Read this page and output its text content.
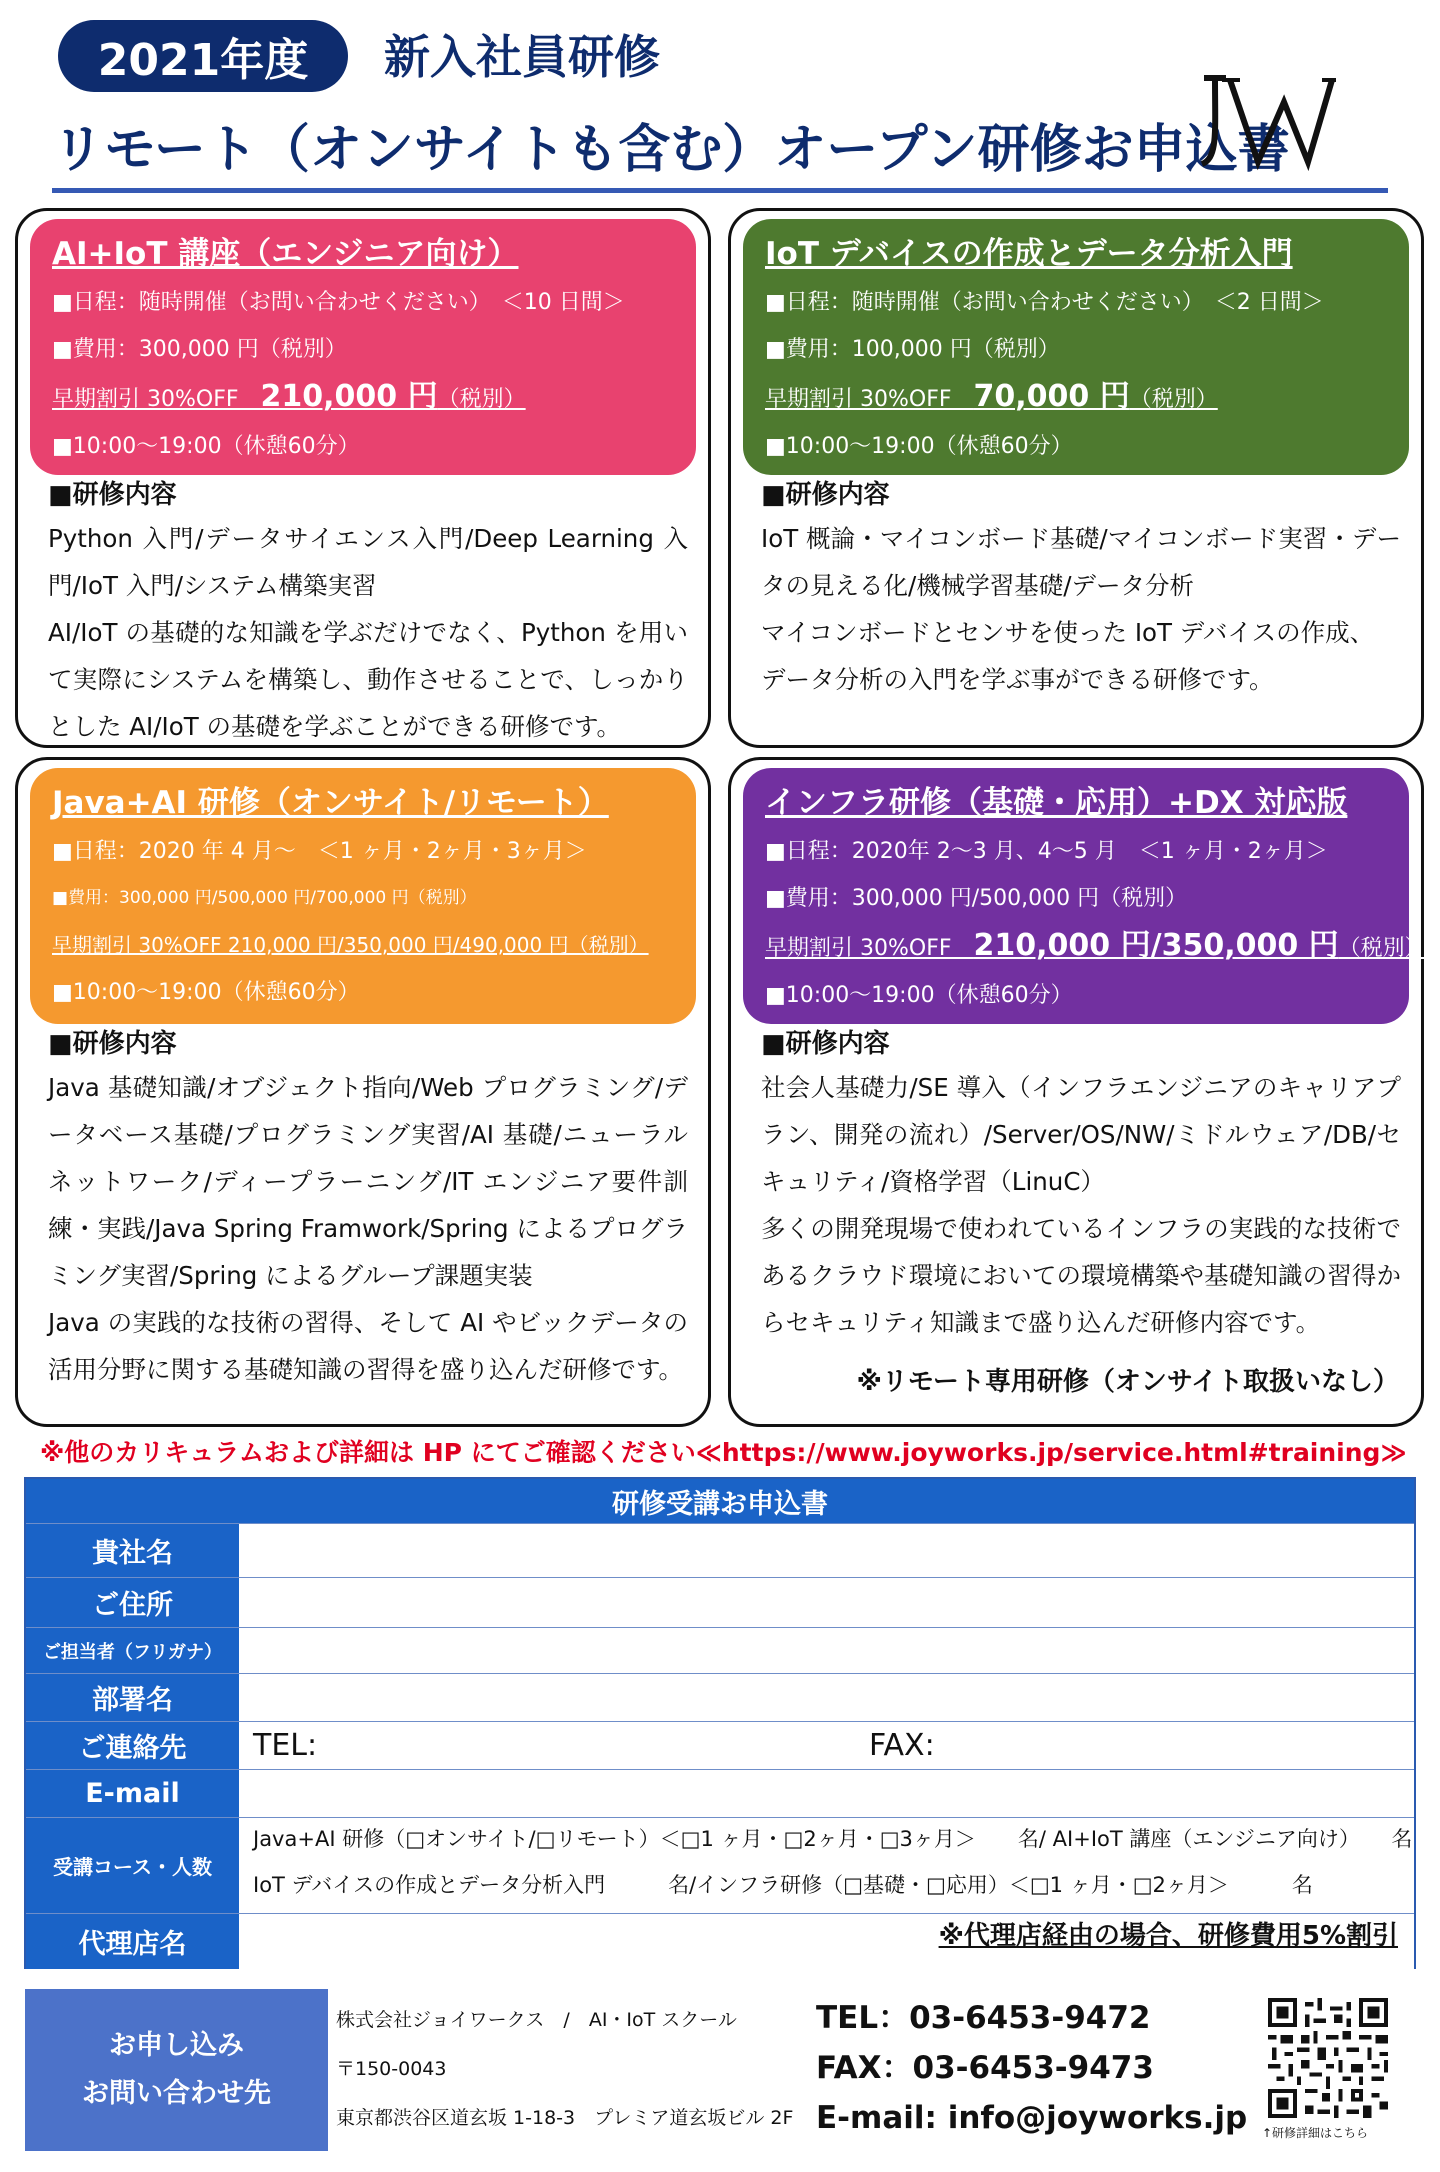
2021年度	新入社員研修
リモート（オンサイトも含む）オープン研修お申込書
AI+IoT 講座（エンジニア向け）
■日程：随時開催（お問い合わせください）　＜10 日間＞
■費用：300,000 円（税別）
早期割引 30%OFF　210,000 円（税別）
■10:00～19:00（休憩60分）
■研修内容
Python 入門/データサイエンス入門/Deep Learning 入門/IoT 入門/システム構築実習
AI/IoT の基礎的な知識を学ぶだけでなく、Python を用いて実際にシステムを構築し、動作させることで、しっかりとした AI/IoT の基礎を学ぶことができる研修です。
IoT デバイスの作成とデータ分析入門
■日程：随時開催（お問い合わせください）　＜2 日間＞
■費用：100,000 円（税別）
早期割引 30%OFF　70,000 円（税別）
■10:00～19:00（休憩60分）
■研修内容
IoT 概論・マイコンボード基礎/マイコンボード実習・データの見える化/機械学習基礎/データ分析
マイコンボードとセンサを使った IoT デバイスの作成、
データ分析の入門を学ぶ事ができる研修です。
Java+AI 研修（オンサイト/リモート）
■日程：2020 年 4 月～　＜1 ヶ月・2ヶ月・3ヶ月＞
■費用：300,000 円/500,000 円/700,000 円（税別）
早期割引 30%OFF 210,000 円/350,000 円/490,000 円（税別）
■10:00～19:00（休憩60分）
■研修内容
Java 基礎知識/オブジェクト指向/Web プログラミング/データベース基礎/プログラミング実習/AI 基礎/ニューラルネットワーク/ディープラーニング/IT エンジニア要件訓練・実践/Java Spring Framwork/Spring によるプログラミング実習/Spring によるグループ課題実装
Java の実践的な技術の習得、そして AI やビックデータの活用分野に関する基礎知識の習得を盛り込んだ研修です。
インフラ研修（基礎・応用）+DX 対応版
■日程：2020年 2～3 月、4～5 月　＜1 ヶ月・2ヶ月＞
■費用：300,000 円/500,000 円（税別）
早期割引 30%OFF　210,000 円/350,000 円（税別）
■10:00～19:00（休憩60分）
■研修内容
社会人基礎力/SE 導入（インフラエンジニアのキャリアプラン、開発の流れ）/Server/OS/NW/ミドルウェア/DB/セキュリティ/資格学習（LinuC）
多くの開発現場で使われているインフラの実践的な技術であるクラウド環境においての環境構築や基礎知識の習得からセキュリティ知識まで盛り込んだ研修内容です。
※リモート専用研修（オンサイト取扱いなし）
※他のカリキュラムおよび詳細は HP にてご確認ください≪https://www.joyworks.jp/service.html#training≫
研修受講お申込書
貴社名
ご住所
ご担当者（フリガナ）
部署名
ご連絡先	TEL:	FAX:
E-mail
受講コース・人数
Java+AI 研修（□オンサイト/□リモート）＜□1 ヶ月・□2ヶ月・□3ヶ月＞　　名/ AI+IoT 講座（エンジニア向け）　　名
IoT デバイスの作成とデータ分析入門　　　名/インフラ研修（□基礎・□応用）＜□1 ヶ月・□2ヶ月＞　　　名
代理店名	※代理店経由の場合、研修費用5%割引
お申し込み
お問い合わせ先
株式会社ジョイワークス　/　AI・IoT スクール
〒150-0043
東京都渋谷区道玄坂 1-18-3　プレミア道玄坂ビル 2F
TEL：03-6453-9472
FAX：03-6453-9473
E-mail: info@joyworks.jp ↑研修詳細はこちら
